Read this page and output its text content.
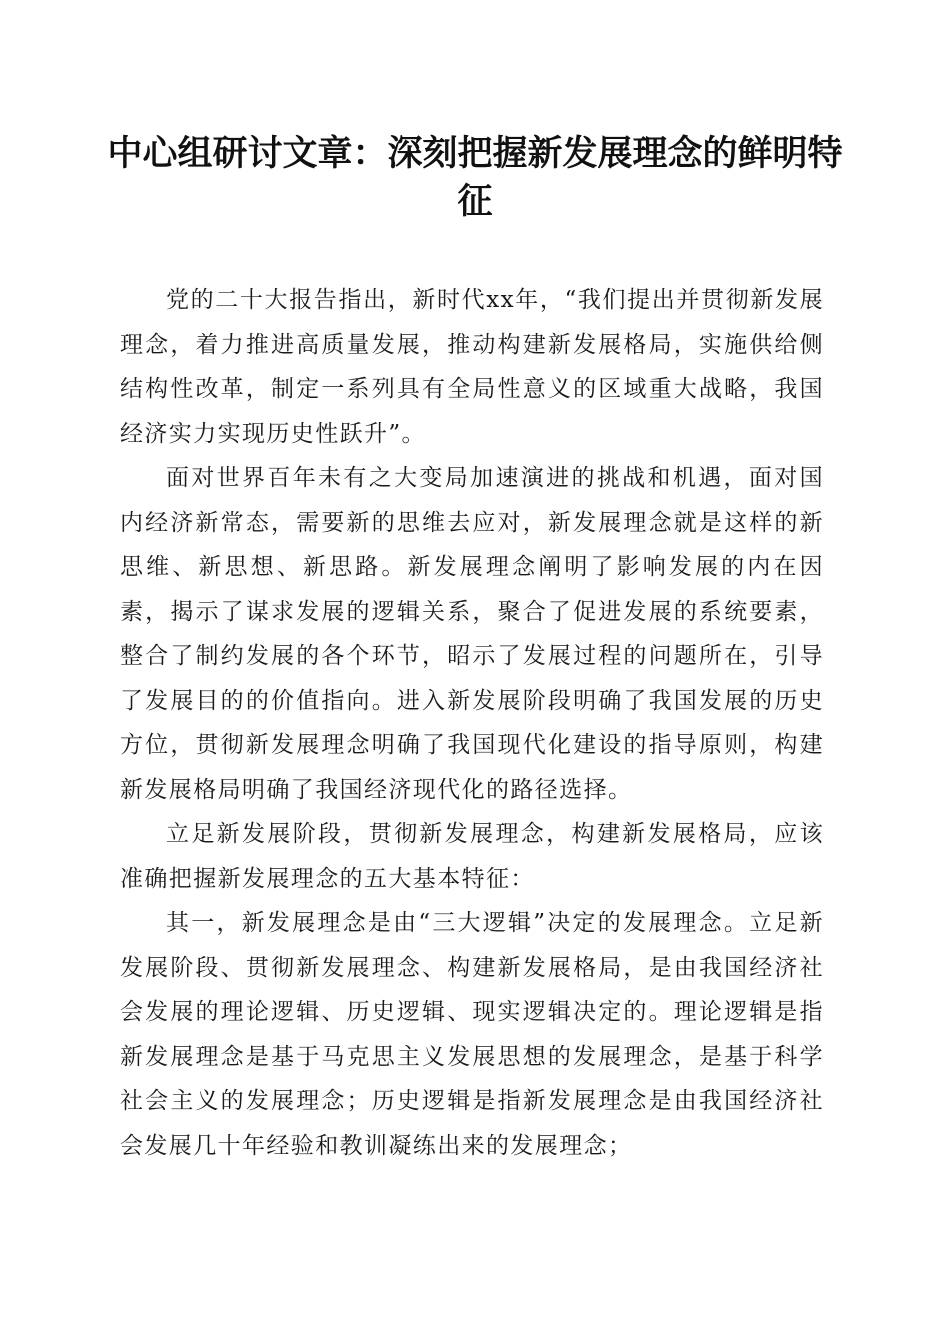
中心组研讨文章：深刻把握新发展理念的鲜明特征

党的二十大报告指出，新时代xx年，“我们提出并贯彻新发展理念，着力推进高质量发展，推动构建新发展格局，实施供给侧结构性改革，制定一系列具有全局性意义的区域重大战略，我国经济实力实现历史性跃升”。

面对世界百年未有之大变局加速演进的挑战和机遇，面对国内经济新常态，需要新的思维去应对，新发展理念就是这样的新思维、新思想、新思路。新发展理念阐明了影响发展的内在因素，揭示了谋求发展的逻辑关系，聚合了促进发展的系统要素，整合了制约发展的各个环节，昭示了发展过程的问题所在，引导了发展目的的价值指向。进入新发展阶段明确了我国发展的历史方位，贯彻新发展理念明确了我国现代化建设的指导原则，构建新发展格局明确了我国经济现代化的路径选择。

立足新发展阶段，贯彻新发展理念，构建新发展格局，应该准确把握新发展理念的五大基本特征：

其一，新发展理念是由“三大逻辑”决定的发展理念。立足新发展阶段、贯彻新发展理念、构建新发展格局，是由我国经济社会发展的理论逻辑、历史逻辑、现实逻辑决定的。理论逻辑是指新发展理念是基于马克思主义发展思想的发展理念，是基于科学社会主义的发展理念；历史逻辑是指新发展理念是由我国经济社会发展几十年经验和教训凝练出来的发展理念；
